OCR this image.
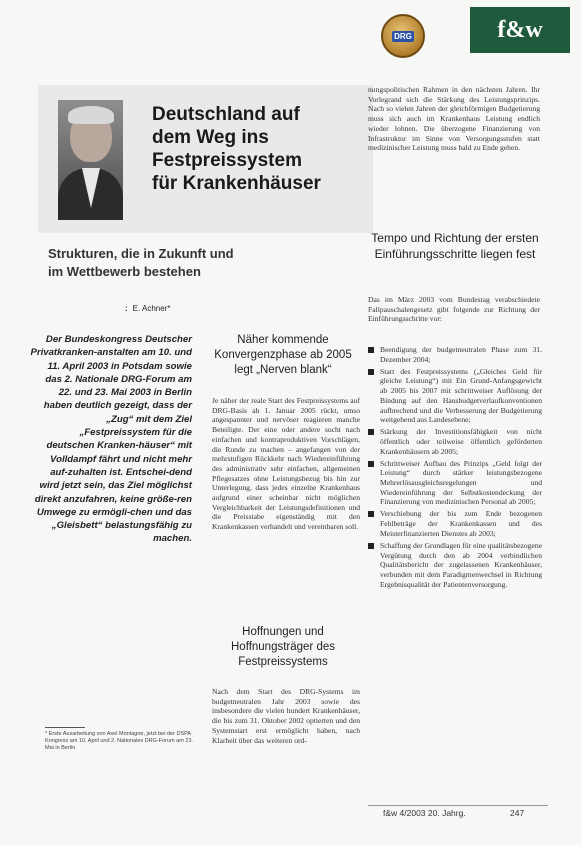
DRG	f&w
Deutschland auf
dem Weg ins
Festpreissystem
für Krankenhäuser
nungspolitischen Rahmen in den nächsten Jahren. Ihr Vorlegrand sich die Stärkung des Leistungsprinzips. Nach so vielen Jahren der gleichförmigen Budgetierung muss sich auch im Krankenhaus Leistung endlich wieder lohnen. Die überzogene Finanzierung von Infrastruktur im Sinne von Versorgungsstufen statt medizinischer Leistung muss bald zu Ende gehen.
Tempo und Richtung der ersten Einführungsschritte liegen fest
Das im März 2003 vom Bundestag verabschiedete Fallpauschalengesetz gibt folgende zur Richtung der Einführungsschritte vor:
Beendigung der budgetneutralen Phase zum 31. Dezember 2004;
Start des Festpreissystems („Gleiches Geld für gleiche Leistung“) mit Ein Grund-Anfangsgewicht ab 2005 bis 2007 mit schrittweiser Auflösung der Bindung auf den Hausbudgetverlaufkonventionen aufbrechend und die Verbesserung der Budgetierung weitgehend aus Landesebene;
Stärkung der Investitionsfähigkeit von nicht öffentlich oder teilweise öffentlich geförderten Krankenhäusern ab 2005;
Schrittweiser Aufbau des Prinzips „Geld folgt der Leistung“ durch stärker leistungsbezogene Mehrerlösausgleichsregelungen und Wiedereinführung der Selbstkostendeckung der Finanzierung von medizinischen Personal ab 2005;
Verschiebung der bis zum Ende bezogenen Fehlbeträge der Krankenkassen und des Meisterfinanzierten Dienstes ab 2003;
Schaffung der Grundlagen für eine qualitätsbezogene Vergütung durch den ab 2004 verbindlichen Qualitätsbericht der zugelassenen Krankenhäuser, verbunden mit dem Paradigmenwechsel in Richtung Ergebnisqualität der Patientenversorgung.
Strukturen, die in Zukunft und
im Wettbewerb bestehen
: E. Achner*
Der Bundeskongress Deutscher Privatkranken-anstalten am 10. und 11. April 2003 in Potsdam sowie das 2. Nationale DRG-Forum am 22. und 23. Mai 2003 in Berlin haben deutlich gezeigt, dass der „Zug“ mit dem Ziel „Festpreissystem für die deutschen Kranken-häuser“ mit Volldampf fährt und nicht mehr auf-zuhalten ist. Entschei-dend wird jetzt sein, das Ziel möglichst direkt anzufahren, keine größe-ren Umwege zu ermögli-chen und das „Gleisbett“ belastungsfähig zu machen.
Näher kommende Konvergenzphase ab 2005 legt „Nerven blank“
Je näher der reale Start des Festpreissystems auf DRG-Basis ab 1. Januar 2005 rückt, umso angespannter und nervöser reagieren manche Beteiligte. Der eine oder andere sucht nach einfachen und kontraproduktiven Vorschlägen, die Runde zu machen – angefangen von der mehrstufigen Rückkehr nach Wiedereinführung des administrativ sehr einfachen, allgemeinen Pflegesatzes ohne Leistungsbezug bis hin zur Unterlegung, dass jedes einzelne Krankenhaus aufgrund einer scheinbar nicht möglichen Vergleichbarkeit der Leistungsdefinitionen und die Preisstabe eigenständig mit den Krankenkassen verhandelt und vereinbaren soll.
Hoffnungen und Hoffnungsträger des Festpreissystems
Nach dem Start des DRG-Systems im budgetneutralen Jahr 2003 sowie des insbesondere die vielen hundert Krankenhäuser, die bis zum 31. Oktober 2002 optierten und den Systemstart erst ermöglicht haben, nach Klarheit über das weiteren ord-
* Erste Ausarbeitung von Axel Montagne, jetzt bei der DSPA Kongress am 10. April und 2. Nationales DRG-Forum am 23. Mai in Berlin
f&w 4/2003 20. Jahrg.	247
